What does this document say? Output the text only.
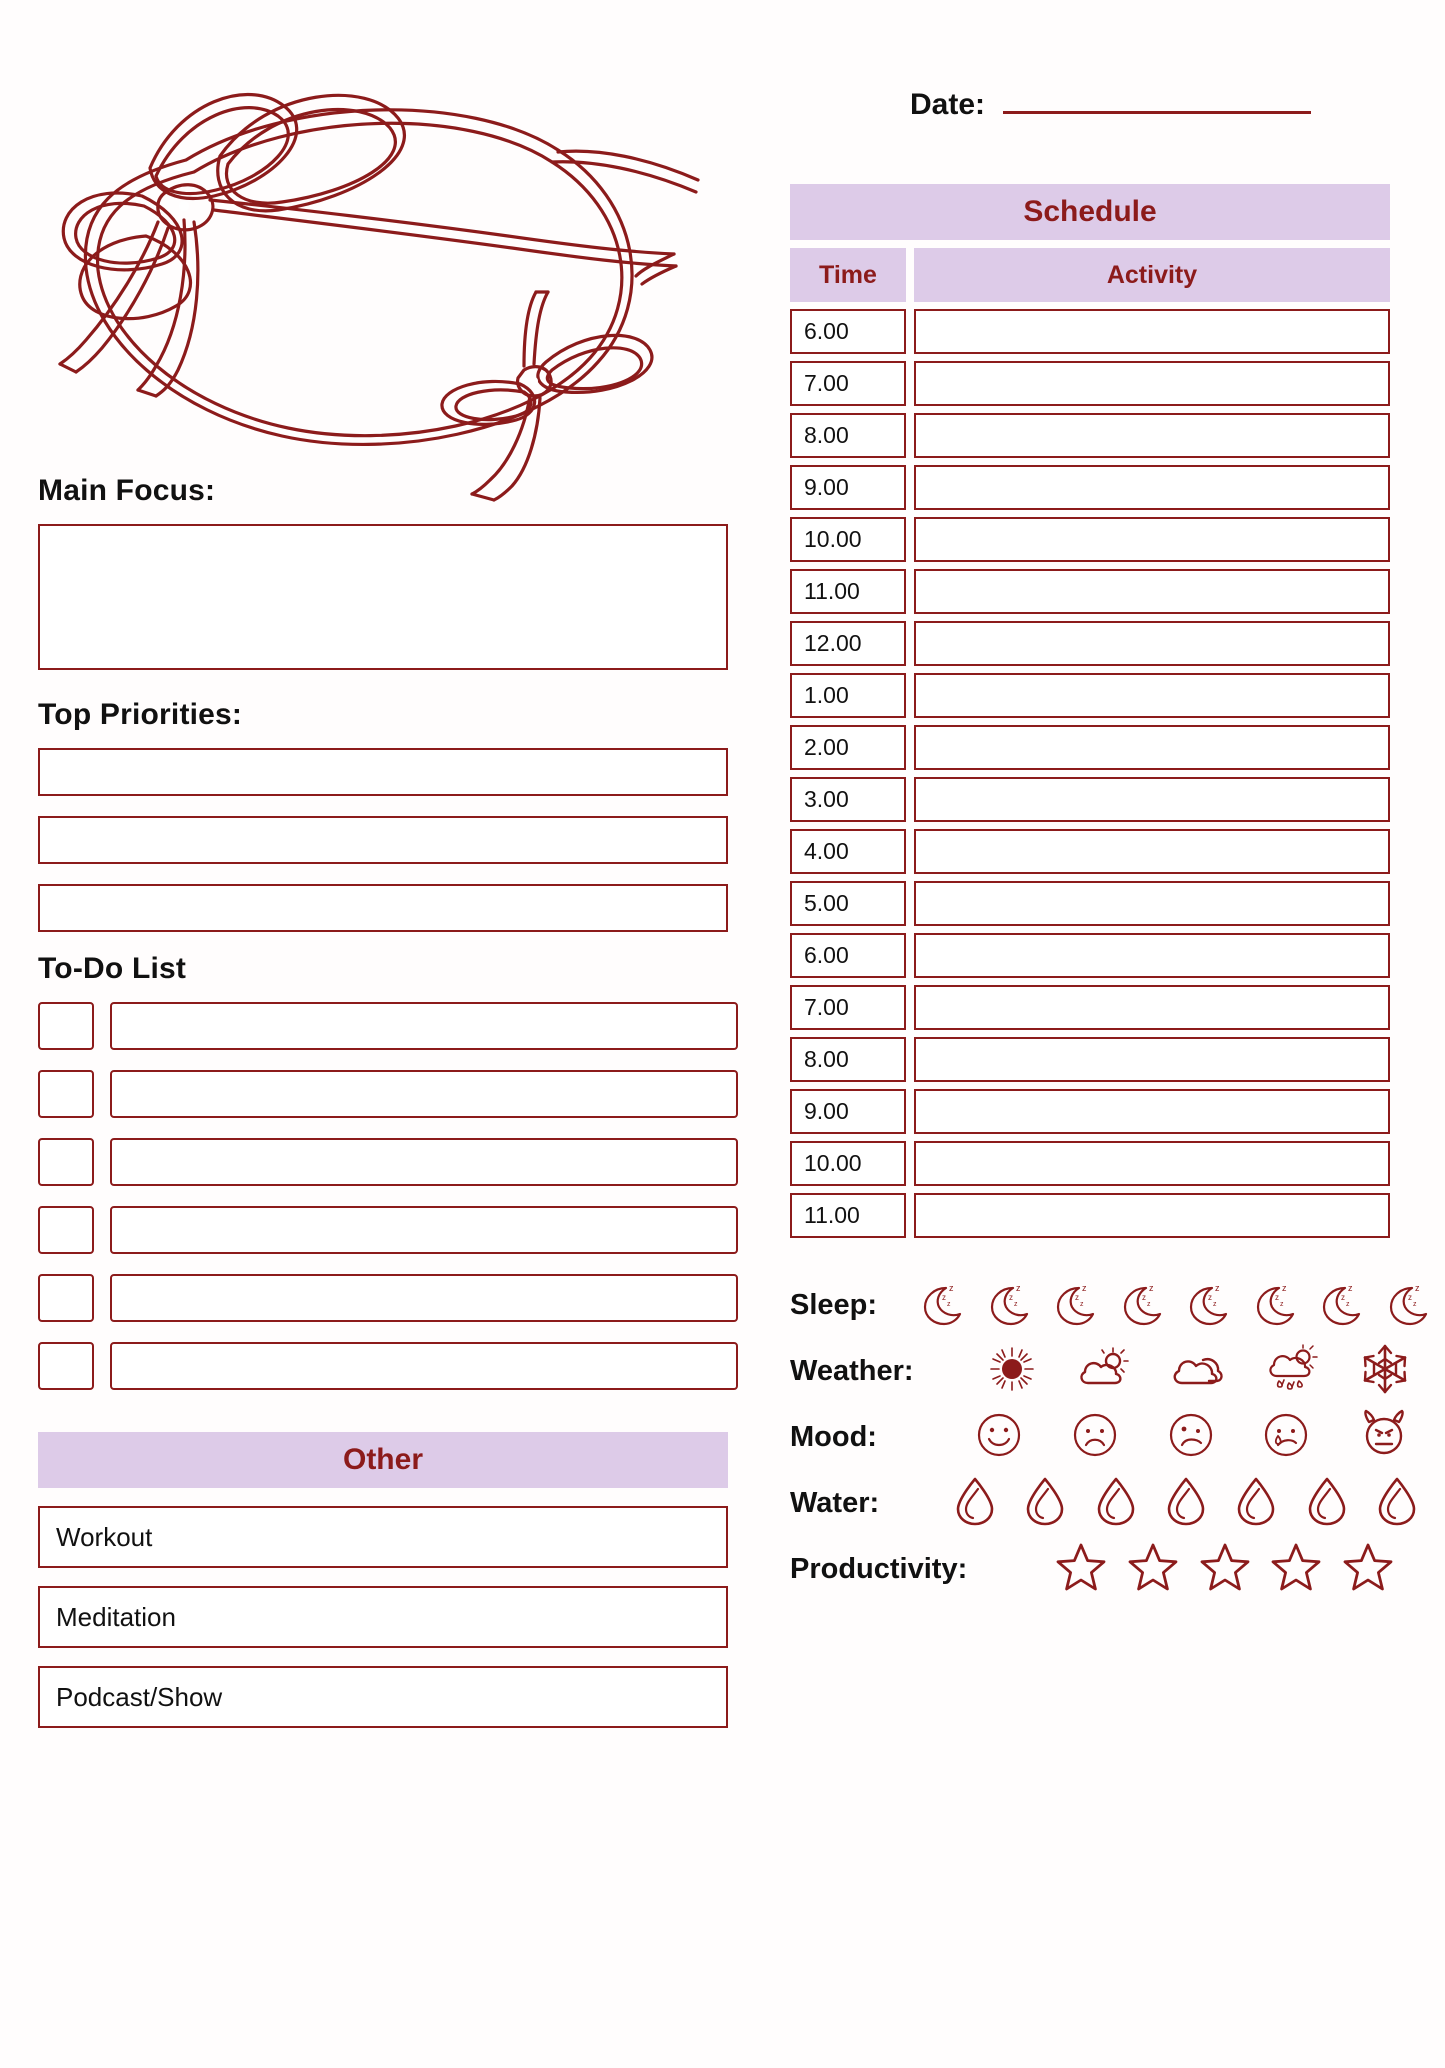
Main Focus:
Top Priorities:
To-Do List
Other
Workout
Meditation
Podcast/Show
Date:
Schedule
Time	Activity
6.00
7.00
8.00
9.00
10.00
11.00
12.00
1.00
2.00
3.00
4.00
5.00
6.00
7.00
8.00
9.00
10.00
11.00
Sleep:
z
z
z
z
z
z
z
z
z
z
z
z
z
z
z
z
z
z
z
z
z
z
z
z
Weather:
Mood:
Water:
Productivity:
